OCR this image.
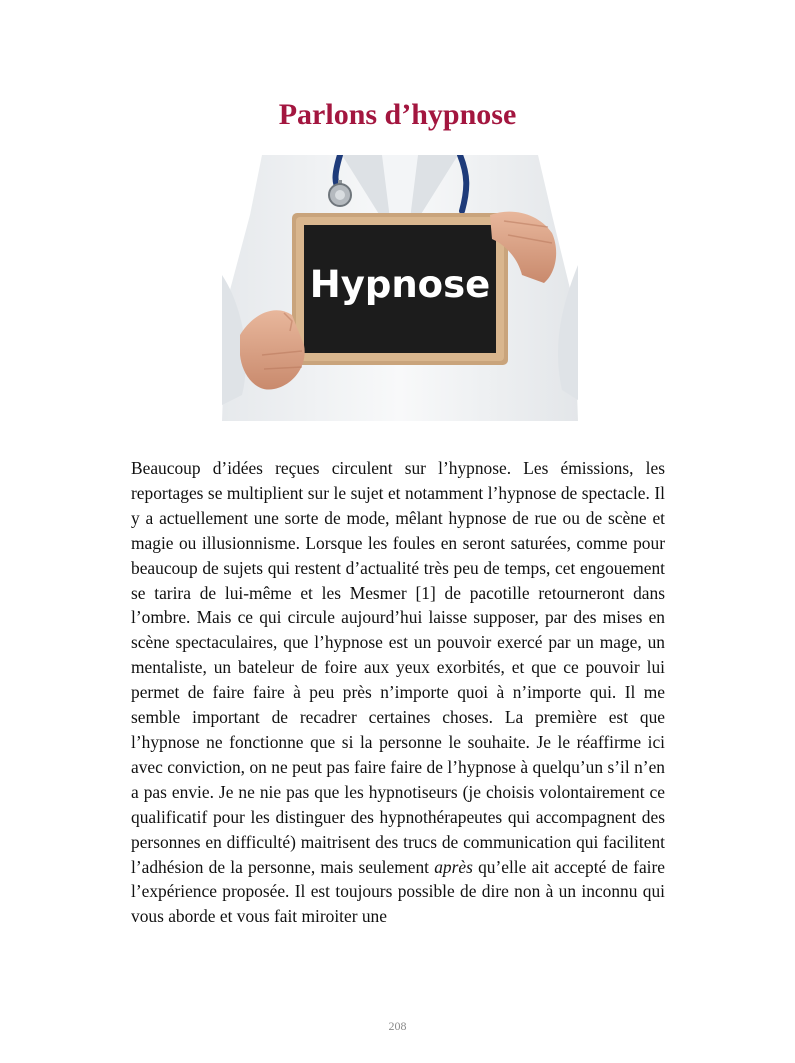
Parlons d’hypnose
Hypnose

Beaucoup d’idées reçues circulent sur l’hypnose. Les émissions, les reportages se multiplient sur le sujet et notamment l’hypnose de spectacle. Il y a actuellement une sorte de mode, mêlant hypnose de rue ou de scène et magie ou illusionnisme. Lorsque les foules en seront saturées, comme pour beaucoup de sujets qui restent d’actualité très peu de temps, cet engouement se tarira de lui-même et les Mesmer [1] de pacotille retourneront dans l’ombre. Mais ce qui circule aujourd’hui laisse supposer, par des mises en scène spectaculaires, que l’hypnose est un pouvoir exercé par un mage, un mentaliste, un bateleur de foire aux yeux exorbités, et que ce pouvoir lui permet de faire faire à peu près n’importe quoi à n’importe qui. Il me semble important de recadrer certaines choses. La première est que l’hypnose ne fonctionne que si la personne le souhaite. Je le réaffirme ici avec conviction, on ne peut pas faire faire de l’hypnose à quelqu’un s’il n’en a pas envie. Je ne nie pas que les hypnotiseurs (je choisis volontairement ce qualificatif pour les distinguer des hypnothérapeutes qui accompagnent des personnes en difficulté) maitrisent des trucs de communication qui facilitent l’adhésion de la personne, mais seulement après qu’elle ait accepté de faire l’expérience proposée. Il est toujours possible de dire non à un inconnu qui vous aborde et vous fait miroiter une

208
